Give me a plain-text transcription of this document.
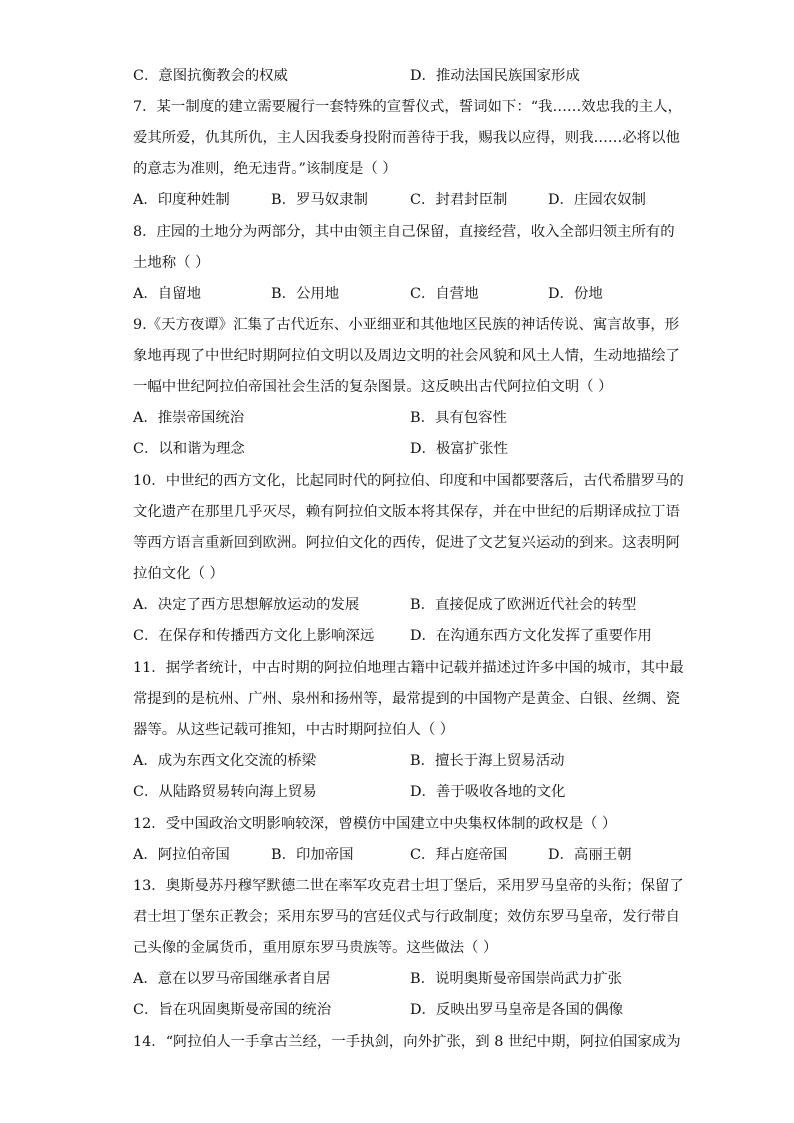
C．意图抗衡教会的权威	D．推动法国民族国家形成
7．某一制度的建立需要履行一套特殊的宣誓仪式，誓词如下：“我……效忠我的主人，
爱其所爱，仇其所仇，主人因我委身投附而善待于我，赐我以应得，则我……必将以他
的意志为准则，绝无违背。”该制度是（ ）
A．印度种姓制	B．罗马奴隶制	C．封君封臣制	D．庄园农奴制
8．庄园的土地分为两部分，其中由领主自己保留，直接经营，收入全部归领主所有的
土地称（ ）
A．自留地	B．公用地	C．自营地	D．份地
9.《天方夜谭》汇集了古代近东、小亚细亚和其他地区民族的神话传说、寓言故事，形
象地再现了中世纪时期阿拉伯文明以及周边文明的社会风貌和风土人情，生动地描绘了
一幅中世纪阿拉伯帝国社会生活的复杂图景。这反映出古代阿拉伯文明（ ）
A．推崇帝国统治	B．具有包容性
C．以和谐为理念	D．极富扩张性
10．中世纪的西方文化，比起同时代的阿拉伯、印度和中国都要落后，古代希腊罗马的
文化遗产在那里几乎灭尽，赖有阿拉伯文版本将其保存，并在中世纪的后期译成拉丁语
等西方语言重新回到欧洲。阿拉伯文化的西传，促进了文艺复兴运动的到来。这表明阿
拉伯文化（ ）
A．决定了西方思想解放运动的发展	B．直接促成了欧洲近代社会的转型
C．在保存和传播西方文化上影响深远 D．在沟通东西方文化发挥了重要作用
11．据学者统计，中古时期的阿拉伯地理古籍中记载并描述过许多中国的城市，其中最
常提到的是杭州、广州、泉州和扬州等，最常提到的中国物产是黄金、白银、丝绸、瓷
器等。从这些记载可推知，中古时期阿拉伯人（ ）
A．成为东西文化交流的桥梁	B．擅长于海上贸易活动
C．从陆路贸易转向海上贸易	D．善于吸收各地的文化
12．受中国政治文明影响较深，曾模仿中国建立中央集权体制的政权是（ ）
A．阿拉伯帝国	B．印加帝国	C．拜占庭帝国	D．高丽王朝
13．奥斯曼苏丹穆罕默德二世在率军攻克君士坦丁堡后，采用罗马皇帝的头衔；保留了
君士坦丁堡东正教会；采用东罗马的宫廷仪式与行政制度；效仿东罗马皇帝，发行带自
己头像的金属货币，重用原东罗马贵族等。这些做法（ ）
A．意在以罗马帝国继承者自居	B．说明奥斯曼帝国崇尚武力扩张
C．旨在巩固奥斯曼帝国的统治	D．反映出罗马皇帝是各国的偶像
14．“阿拉伯人一手拿古兰经，一手执剑，向外扩张，到 8 世纪中期，阿拉伯国家成为
